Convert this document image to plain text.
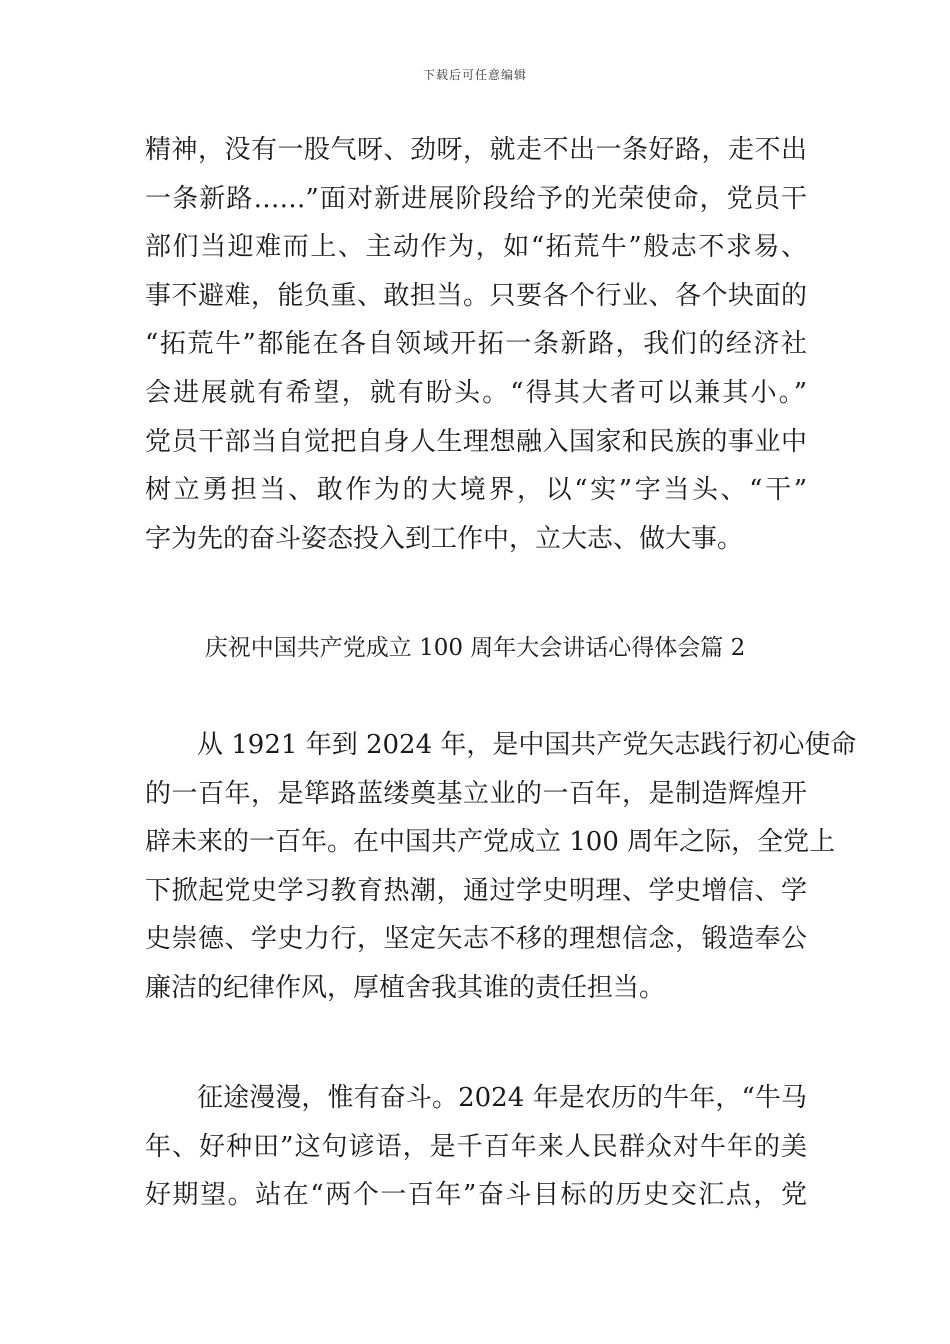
下载后可任意编辑
精神，没有一股气呀、劲呀，就走不出一条好路，走不出
一条新路……”面对新进展阶段给予的光荣使命，党员干
部们当迎难而上、主动作为，如“拓荒牛”般志不求易、
事不避难，能负重、敢担当。只要各个行业、各个块面的
“拓荒牛”都能在各自领域开拓一条新路，我们的经济社
会进展就有希望，就有盼头。“得其大者可以兼其小。”
党员干部当自觉把自身人生理想融入国家和民族的事业中
树立勇担当、敢作为的大境界，以“实”字当头、“干”
字为先的奋斗姿态投入到工作中，立大志、做大事。
庆祝中国共产党成立 100 周年大会讲话心得体会篇 2
从 1921 年到 2024 年，是中国共产党矢志践行初心使命
的一百年，是筚路蓝缕奠基立业的一百年，是制造辉煌开
辟未来的一百年。在中国共产党成立 100 周年之际，全党上
下掀起党史学习教育热潮，通过学史明理、学史增信、学
史崇德、学史力行，坚定矢志不移的理想信念，锻造奉公
廉洁的纪律作风，厚植舍我其谁的责任担当。
征途漫漫，惟有奋斗。2024 年是农历的牛年，“牛马
年、好种田”这句谚语，是千百年来人民群众对牛年的美
好期望。站在“两个一百年”奋斗目标的历史交汇点，党
